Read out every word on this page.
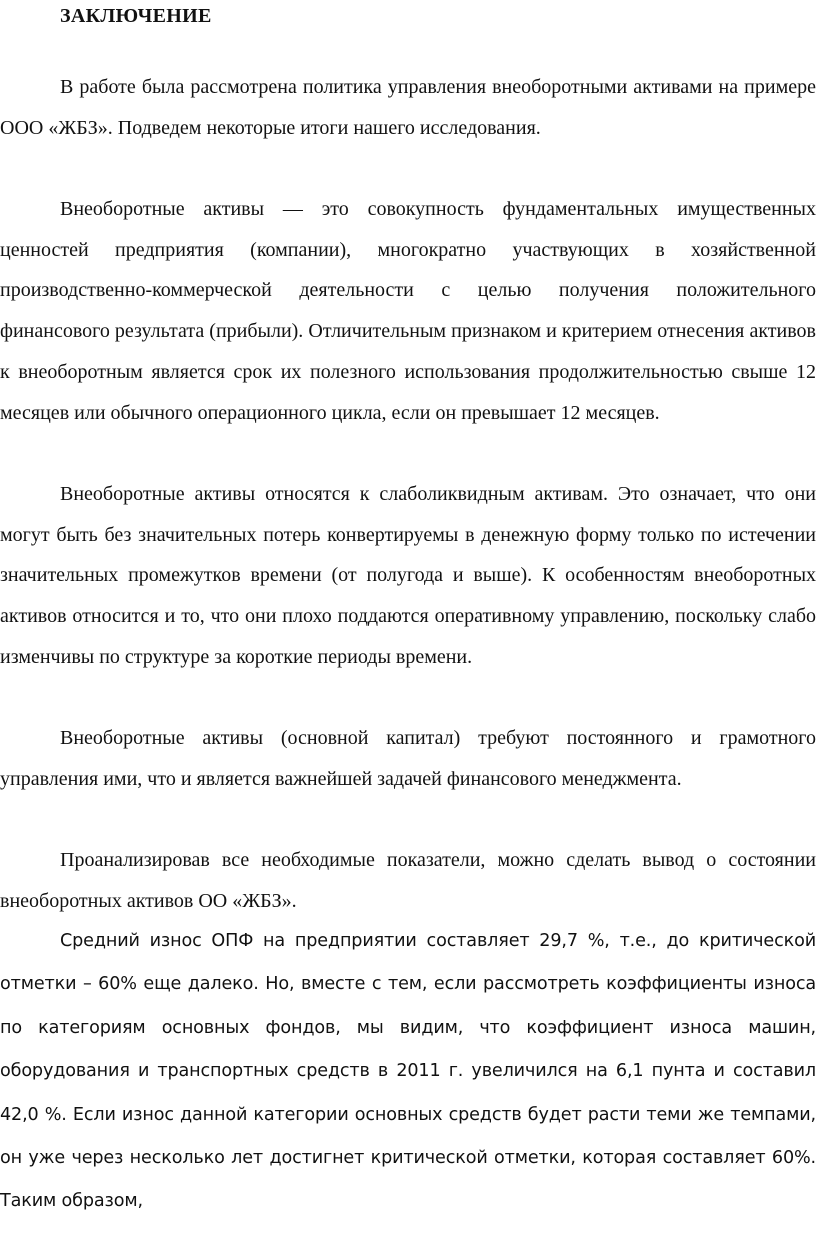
ЗАКЛЮЧЕНИЕ

В работе была рассмотрена политика управления внеоборотными активами на примере ООО «ЖБЗ». Подведем некоторые итоги нашего исследования.

Внеоборотные активы — это совокупность фундаментальных имущественных ценностей предприятия (компании), многократно участвующих в хозяйственной производственно-коммерческой деятельности с целью получения положительного финансового результата (прибыли). Отличительным признаком и критерием отнесения активов к внеоборотным является срок их полезного использования продолжительностью свыше 12 месяцев или обычного операционного цикла, если он превышает 12 месяцев.

Внеоборотные активы относятся к слаболиквидным активам. Это означает, что они могут быть без значительных потерь конвертируемы в денежную форму только по истечении значительных промежутков времени (от полугода и выше). К особенностям внеоборотных активов относится и то, что они плохо поддаются оперативному управлению, поскольку слабо изменчивы по структуре за короткие периоды времени.

Внеоборотные активы (основной капитал) требуют постоянного и грамотного управления ими, что и является важнейшей задачей финансового менеджмента.

Проанализировав все необходимые показатели, можно сделать вывод о состоянии внеоборотных активов ОО «ЖБЗ».

Средний износ ОПФ на предприятии составляет 29,7 %, т.е., до критической отметки – 60% еще далеко. Но, вместе с тем, если рассмотреть коэффициенты износа по категориям основных фондов, мы видим, что коэффициент износа машин, оборудования и транспортных средств в 2011 г. увеличился на 6,1 пунта и составил 42,0 %. Если износ данной категории основных средств будет расти теми же темпами, он уже через несколько лет достигнет критической отметки, которая составляет 60%. Таким образом,
